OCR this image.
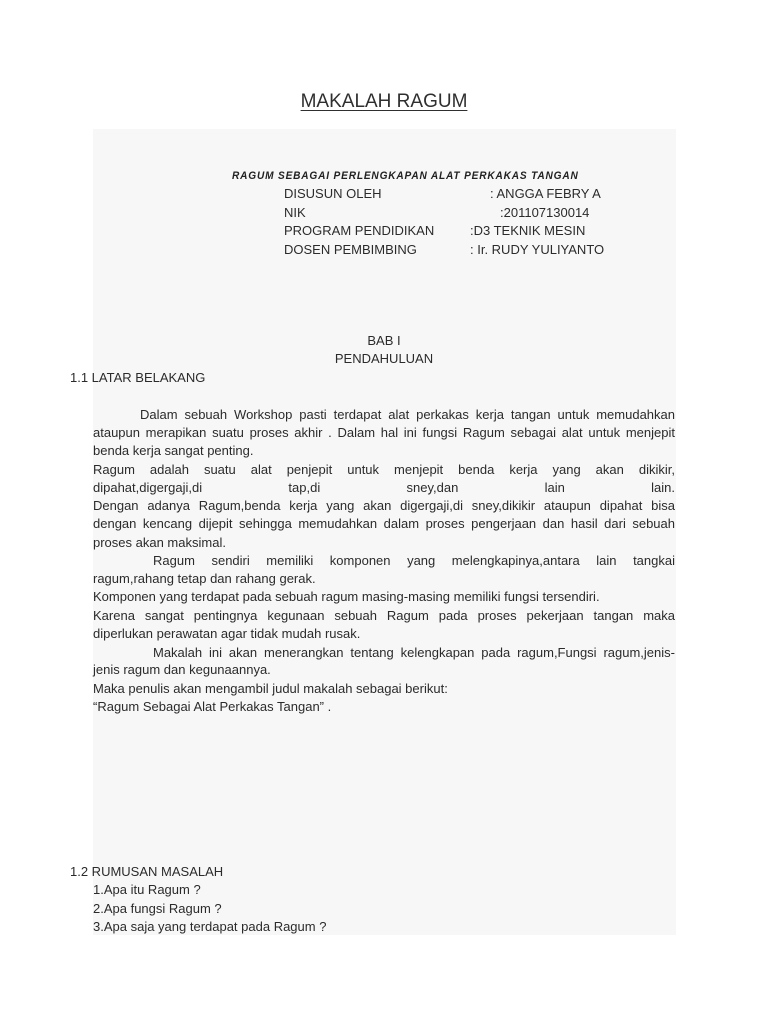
MAKALAH RAGUM
RAGUM SEBAGAI PERLENGKAPAN ALAT PERKAKAS TANGAN
DISUSUN OLEH	: ANGGA FEBRY A
NIK	:201107130014
PROGRAM PENDIDIKAN	:D3 TEKNIK MESIN
DOSEN PEMBIMBING	: Ir. RUDY YULIYANTO
BAB I
PENDAHULUAN
1.1 LATAR BELAKANG
Dalam sebuah Workshop pasti terdapat alat perkakas kerja tangan untuk memudahkan
ataupun merapikan suatu proses akhir . Dalam hal ini fungsi Ragum sebagai alat untuk menjepit
benda kerja sangat penting.
Ragum adalah suatu alat penjepit untuk menjepit benda kerja yang akan dikikir,
dipahat,digergaji,di tap,di sney,dan lain lain.
Dengan adanya Ragum,benda kerja yang akan digergaji,di sney,dikikir ataupun dipahat bisa
dengan kencang dijepit sehingga memudahkan dalam proses pengerjaan dan hasil dari sebuah
proses akan maksimal.
Ragum sendiri memiliki komponen yang melengkapinya,antara lain tangkai
ragum,rahang tetap dan rahang gerak.
Komponen yang terdapat pada sebuah ragum masing-masing memiliki fungsi tersendiri.
Karena sangat pentingnya kegunaan sebuah Ragum pada proses pekerjaan tangan maka
diperlukan perawatan agar tidak mudah rusak.
Makalah ini akan menerangkan tentang kelengkapan pada ragum,Fungsi ragum,jenis-
jenis ragum dan kegunaannya.
Maka penulis akan mengambil judul makalah sebagai berikut:
“Ragum Sebagai Alat Perkakas Tangan” .
1.2 RUMUSAN MASALAH
1.Apa itu Ragum ?
2.Apa fungsi Ragum ?
3.Apa saja yang terdapat pada Ragum ?
